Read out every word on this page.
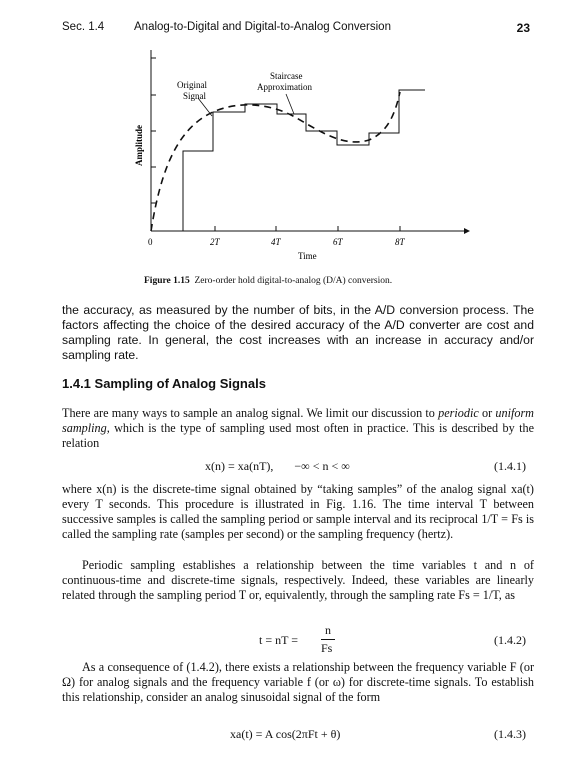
Sec. 1.4	Analog-to-Digital and Digital-to-Analog Conversion	23
Original
Signal
Staircase
Approximation
Amplitude
0	2T	4T	6T	8T
Time
Figure 1.15 Zero-order hold digital-to-analog (D/A) conversion.
the accuracy, as measured by the number of bits, in the A/D conversion process. The factors affecting the choice of the desired accuracy of the A/D converter are cost and sampling rate. In general, the cost increases with an increase in accuracy and/or sampling rate.
1.4.1 Sampling of Analog Signals
There are many ways to sample an analog signal. We limit our discussion to periodic or uniform sampling, which is the type of sampling used most often in practice. This is described by the relation
x(n) = xa(nT),       −∞ < n < ∞	(1.4.1)
where x(n) is the discrete-time signal obtained by “taking samples” of the analog signal xa(t) every T seconds. This procedure is illustrated in Fig. 1.16. The time interval T between successive samples is called the sampling period or sample interval and its reciprocal 1/T = Fs is called the sampling rate (samples per second) or the sampling frequency (hertz).
Periodic sampling establishes a relationship between the time variables t and n of continuous-time and discrete-time signals, respectively. Indeed, these variables are linearly related through the sampling period T or, equivalently, through the sampling rate Fs = 1/T, as
t = nT =
n
Fs
(1.4.2)
As a consequence of (1.4.2), there exists a relationship between the frequency variable F (or Ω) for analog signals and the frequency variable f (or ω) for discrete-time signals. To establish this relationship, consider an analog sinusoidal signal of the form
xa(t) = A cos(2πFt + θ)	(1.4.3)
